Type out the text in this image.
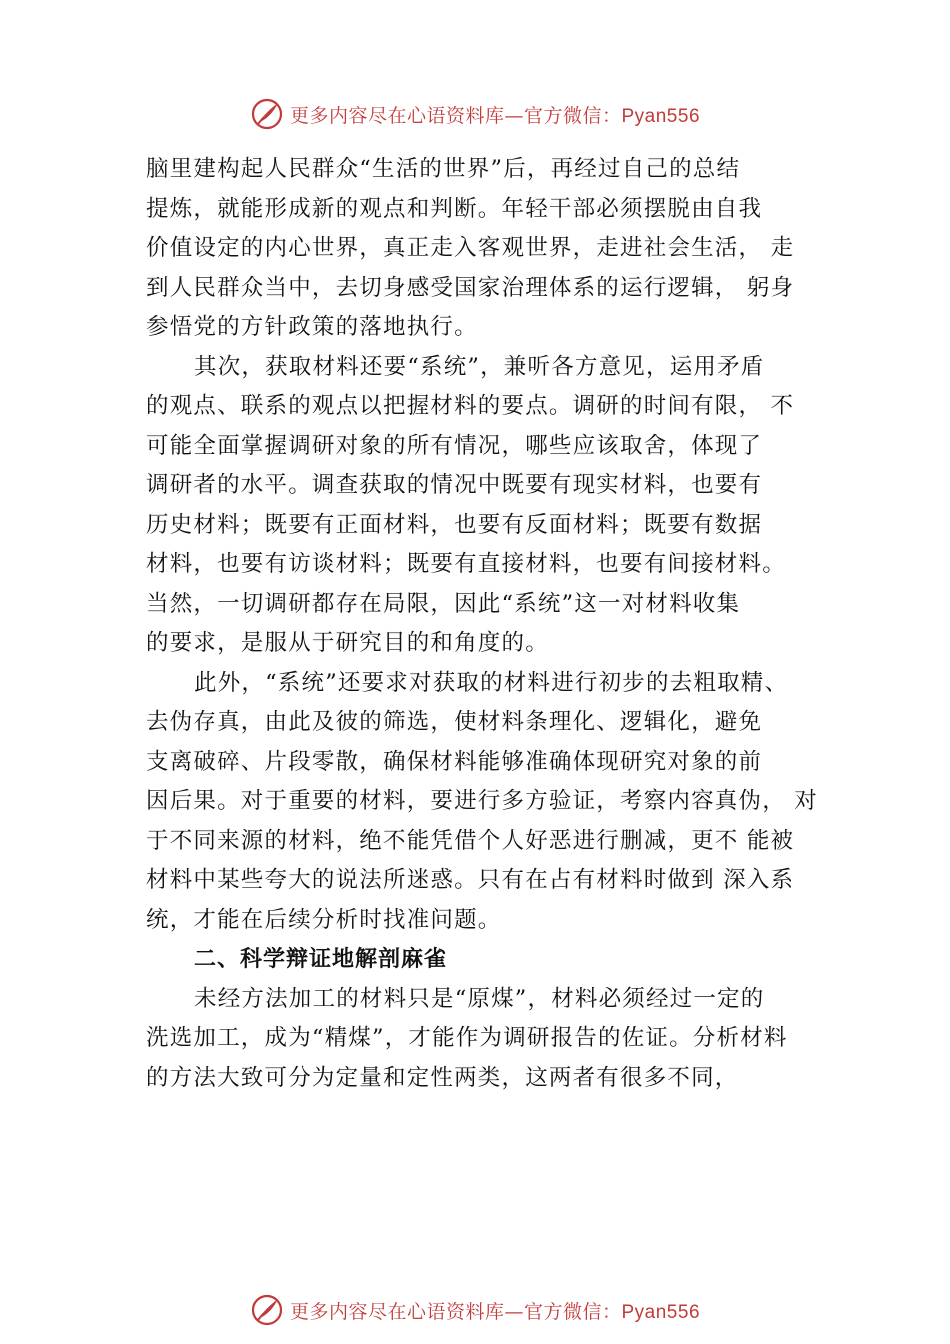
更多内容尽在心语资料库—官方微信：Pyan556

脑里建构起人民群众“生活的世界”后，再经过自己的总结
提炼，就能形成新的观点和判断。年轻干部必须摆脱由自我
价值设定的内心世界，真正走入客观世界，走进社会生活， 走
到人民群众当中，去切身感受国家治理体系的运行逻辑， 躬身
参悟党的方针政策的落地执行。

其次，获取材料还要“系统”，兼听各方意见，运用矛盾
的观点、联系的观点以把握材料的要点。调研的时间有限， 不
可能全面掌握调研对象的所有情况，哪些应该取舍，体现了
调研者的水平。调查获取的情况中既要有现实材料，也要有
历史材料；既要有正面材料，也要有反面材料；既要有数据
材料，也要有访谈材料；既要有直接材料，也要有间接材料。
当然，一切调研都存在局限，因此“系统”这一对材料收集
的要求，是服从于研究目的和角度的。

此外，“系统”还要求对获取的材料进行初步的去粗取精、
去伪存真，由此及彼的筛选，使材料条理化、逻辑化，避免
支离破碎、片段零散，确保材料能够准确体现研究对象的前
因后果。对于重要的材料，要进行多方验证，考察内容真伪， 对
于不同来源的材料，绝不能凭借个人好恶进行删减，更不 能被
材料中某些夸大的说法所迷惑。只有在占有材料时做到 深入系
统，才能在后续分析时找准问题。

二、科学辩证地解剖麻雀

未经方法加工的材料只是“原煤”，材料必须经过一定的
洗选加工，成为“精煤”，才能作为调研报告的佐证。分析材料
的方法大致可分为定量和定性两类，这两者有很多不同，

更多内容尽在心语资料库—官方微信：Pyan556
